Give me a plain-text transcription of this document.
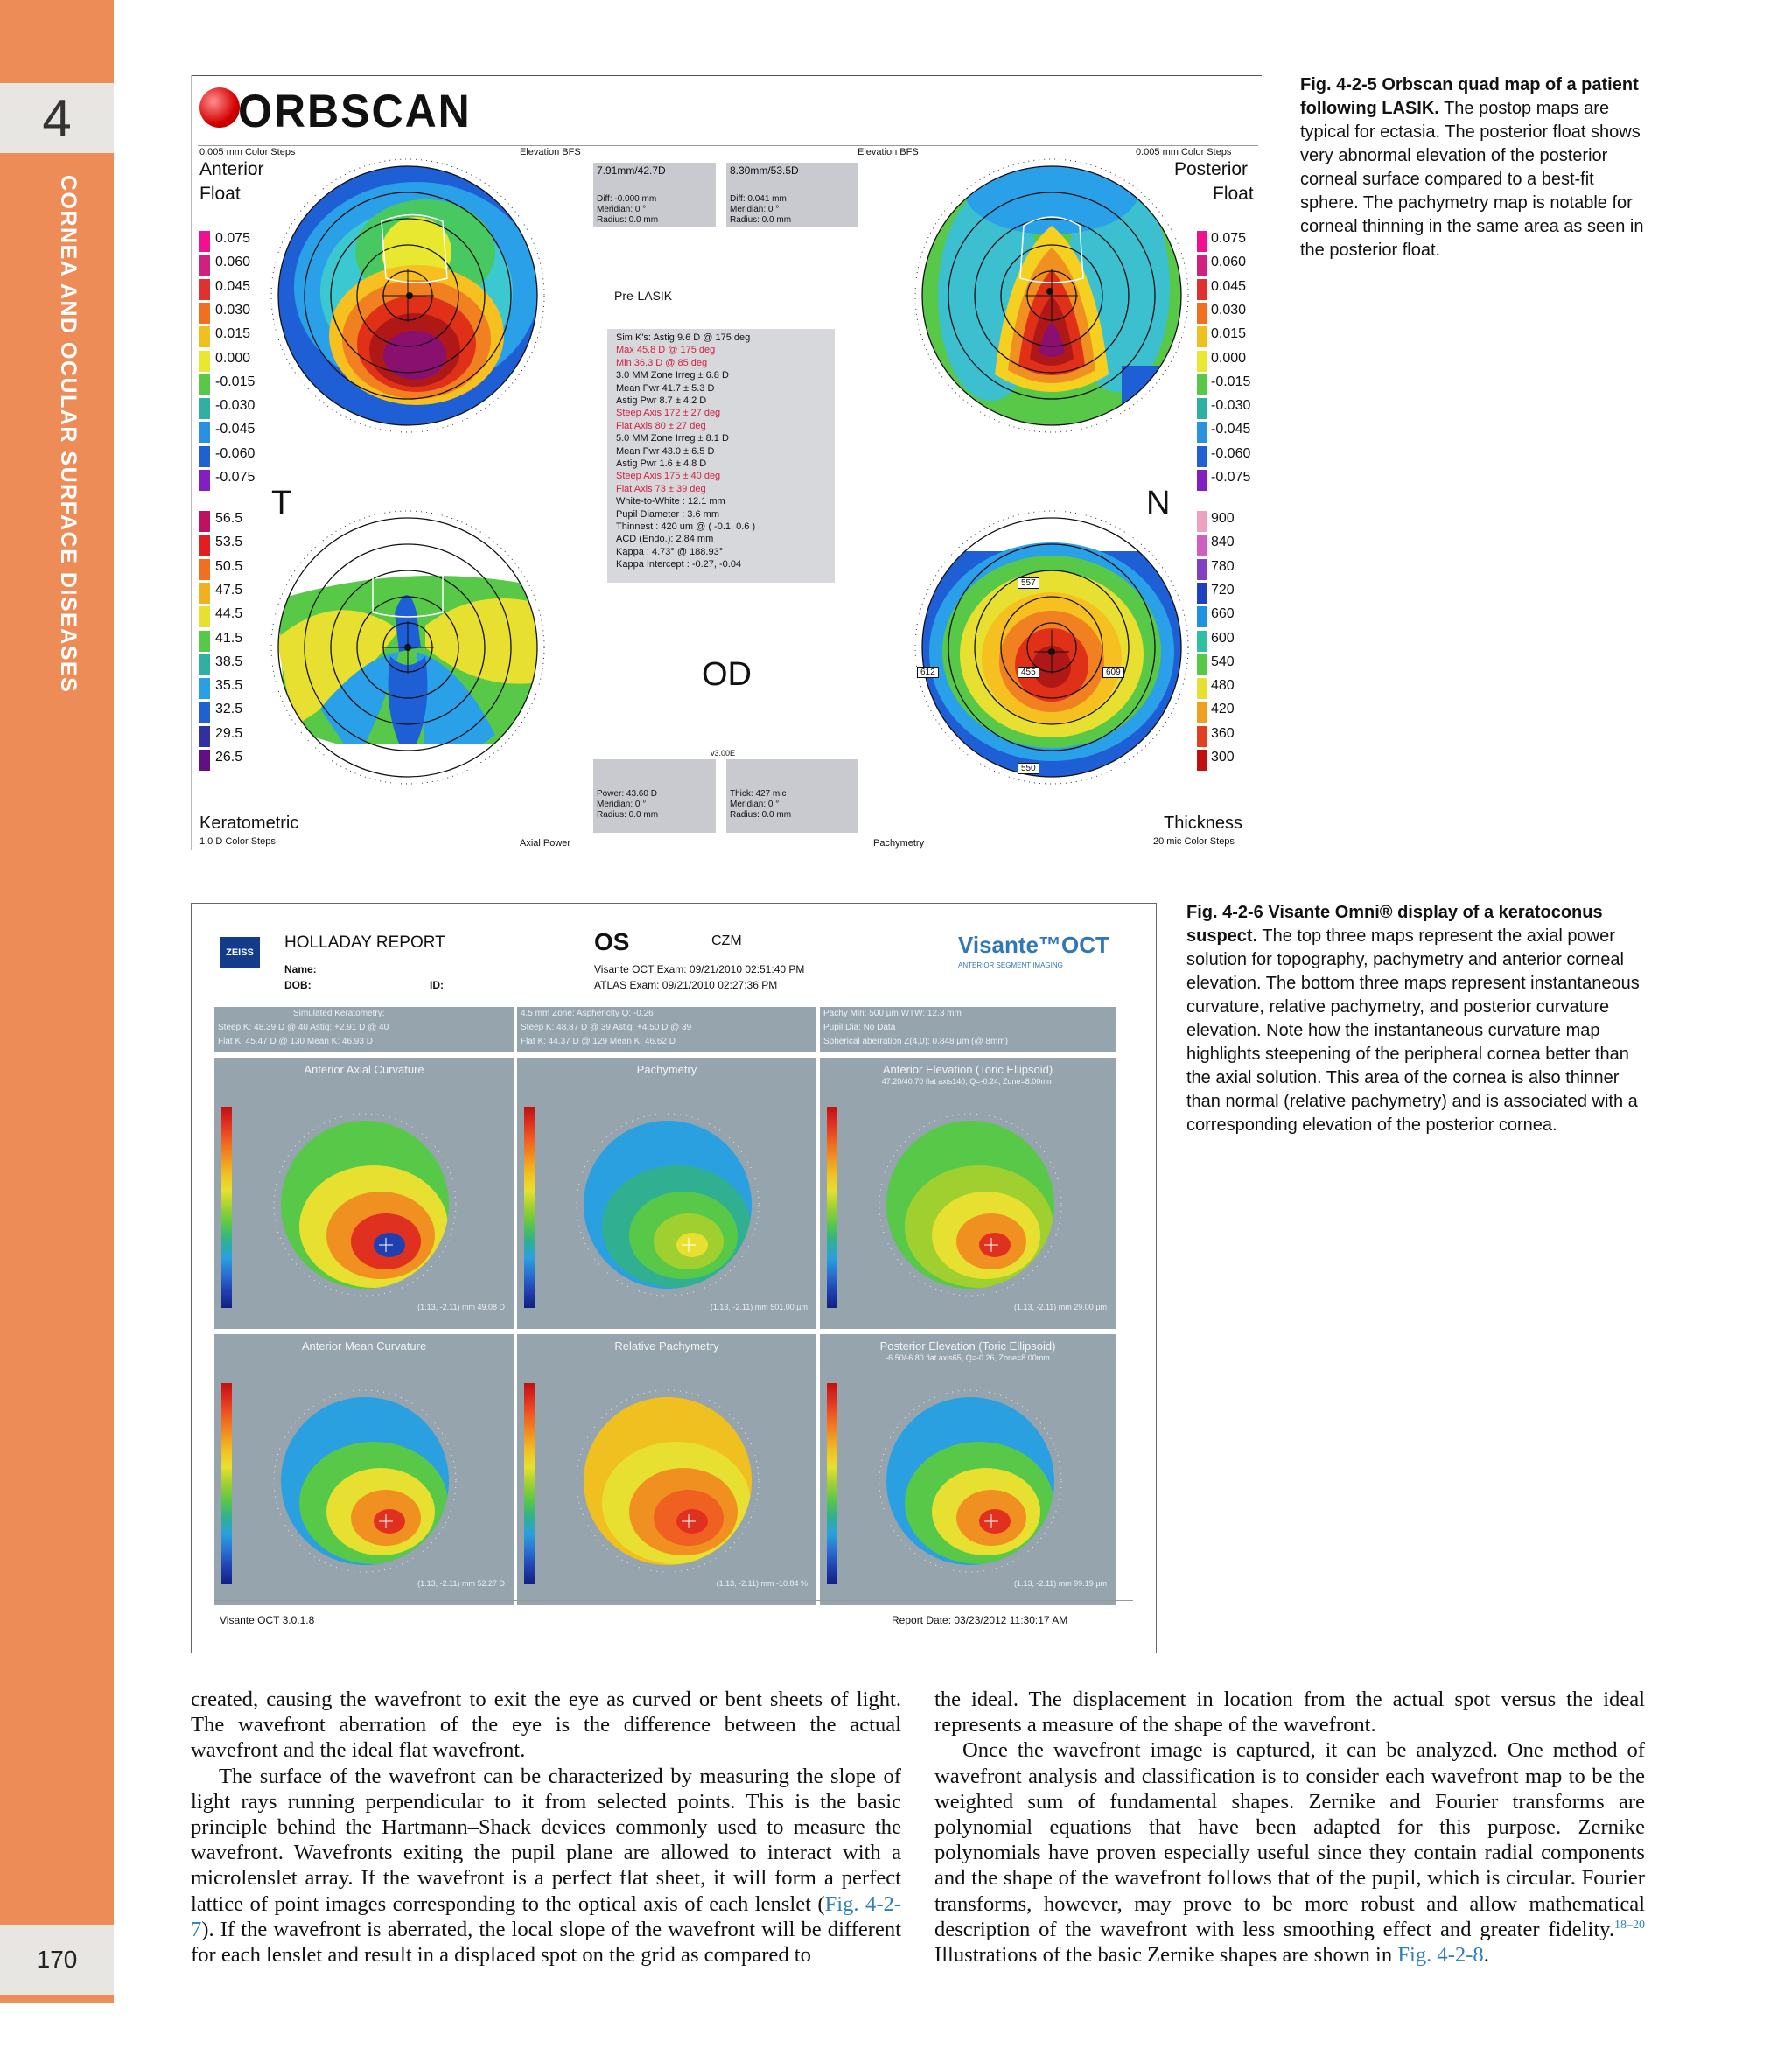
4
CORNEA AND OCULAR SURFACE DISEASES
170
ORBSCAN
0.005 mm Color Steps	Elevation BFS	Elevation BFS	0.005 mm Color Steps
Anterior
Float
Posterior
Float
0.075
0.060
0.045
0.030
0.015
0.000
-0.015
-0.030
-0.045
-0.060
-0.075
56.5
53.5
50.5
47.5
44.5
41.5
38.5
35.5
32.5
29.5
26.5
0.075
0.060
0.045
0.030
0.015
0.000
-0.015
-0.030
-0.045
-0.060
-0.075
900
840
780
720
660
600
540
480
420
360
300
557
612	455	609
550
7.91mm/42.7D
Diff: -0.000 mm
Meridian: 0 °
Radius: 0.0 mm
8.30mm/53.5D
Diff: 0.041 mm
Meridian: 0 °
Radius: 0.0 mm
Pre-LASIK
Sim K's: Astig 9.6 D @ 175 deg
Max 45.8 D @ 175 deg
Min 36.3 D @ 85 deg
3.0 MM Zone Irreg ± 6.8 D
Mean Pwr 41.7 ± 5.3 D
Astig Pwr 8.7 ± 4.2 D
Steep Axis 172 ± 27 deg
Flat Axis 80 ± 27 deg
5.0 MM Zone Irreg ± 8.1 D
Mean Pwr 43.0 ± 6.5 D
Astig Pwr 1.6 ± 4.8 D
Steep Axis 175 ± 40 deg
Flat Axis 73 ± 39 deg
White-to-White : 12.1 mm
Pupil Diameter : 3.6 mm
Thinnest : 420 um @ ( -0.1, 0.6 )
ACD (Endo.): 2.84 mm
Kappa : 4.73° @ 188.93°
Kappa Intercept : -0.27, -0.04
T	N
OD
v3.00E
Power: 43.60 D
Meridian: 0 °
Radius: 0.0 mm
Thick: 427 mic
Meridian: 0 °
Radius: 0.0 mm
Keratometric
1.0 D Color Steps	Axial Power	Pachymetry
Thickness
20 mic Color Steps
Fig. 4-2-5 Orbscan quad map of a patient following LASIK. The postop maps are typical for ectasia. The posterior float shows very abnormal elevation of the posterior corneal surface compared to a best-fit sphere. The pachymetry map is notable for corneal thinning in the same area as seen in the posterior float.
ZEISS
HOLLADAY REPORT
Name:
DOB:	ID:
OS	CZM
Visante OCT Exam: 09/21/2010 02:51:40 PM
ATLAS Exam: 09/21/2010 02:27:36 PM
Visante™OCT
ANTERIOR SEGMENT IMAGING
Simulated Keratometry:
Steep K: 48.39 D @ 40 Astig: +2.91 D @ 40
Flat K: 45.47 D @ 130 Mean K: 46.93 D
4.5 mm Zone: Asphericity Q: -0.26
Steep K: 48.87 D @ 39 Astig: +4.50 D @ 39
Flat K: 44.37 D @ 129 Mean K: 46.62 D
Pachy Min: 500 µm WTW: 12.3 mm
Pupil Dia: No Data
Spherical aberration Z(4,0): 0.848 µm (@ 8mm)
Anterior Axial Curvature
(1.13, -2.11) mm 49.08 D
Pachymetry
(1.13, -2.11) mm 501.00 µm
Anterior Elevation (Toric Ellipsoid)
47.20/40.70 flat axis140, Q=-0.24, Zone=8.00mm
(1.13, -2.11) mm 29.00 µm
Anterior Mean Curvature
(1.13, -2.11) mm 52.27 D
Relative Pachymetry
(1.13, -2.11) mm -10.84 %
Posterior Elevation (Toric Ellipsoid)
-6.50/-6.80 flat axis65, Q=-0.26, Zone=8.00mm
(1.13, -2.11) mm 99.19 µm
Visante OCT 3.0.1.8	Report Date: 03/23/2012 11:30:17 AM
Fig. 4-2-6 Visante Omni® display of a keratoconus suspect. The top three maps represent the axial power solution for topography, pachymetry and anterior corneal elevation. The bottom three maps represent instantaneous curvature, relative pachymetry, and posterior curvature elevation. Note how the instantaneous curvature map highlights steepening of the peripheral cornea better than the axial solution. This area of the cornea is also thinner than normal (relative pachymetry) and is associated with a corresponding elevation of the posterior cornea.

created, causing the wavefront to exit the eye as curved or bent sheets of light. The wavefront aberration of the eye is the difference between the actual wavefront and the ideal flat wavefront.

The surface of the wavefront can be characterized by measuring the slope of light rays running perpendicular to it from selected points. This is the basic principle behind the Hartmann–Shack devices commonly used to measure the wavefront. Wavefronts exiting the pupil plane are allowed to interact with a microlenslet array. If the wavefront is a perfect flat sheet, it will form a perfect lattice of point images corresponding to the optical axis of each lenslet (Fig. 4-2-7). If the wavefront is aberrated, the local slope of the wavefront will be different for each lenslet and result in a displaced spot on the grid as compared to

the ideal. The displacement in location from the actual spot versus the ideal represents a measure of the shape of the wavefront.

Once the wavefront image is captured, it can be analyzed. One method of wavefront analysis and classification is to consider each wavefront map to be the weighted sum of fundamental shapes. Zernike and Fourier transforms are polynomial equations that have been adapted for this purpose. Zernike polynomials have proven especially useful since they contain radial components and the shape of the wavefront follows that of the pupil, which is circular. Fourier transforms, however, may prove to be more robust and allow mathematical description of the wavefront with less smoothing effect and greater fidelity.$^{18-20}$ Illustrations of the basic Zernike shapes are shown in Fig. 4-2-8.
